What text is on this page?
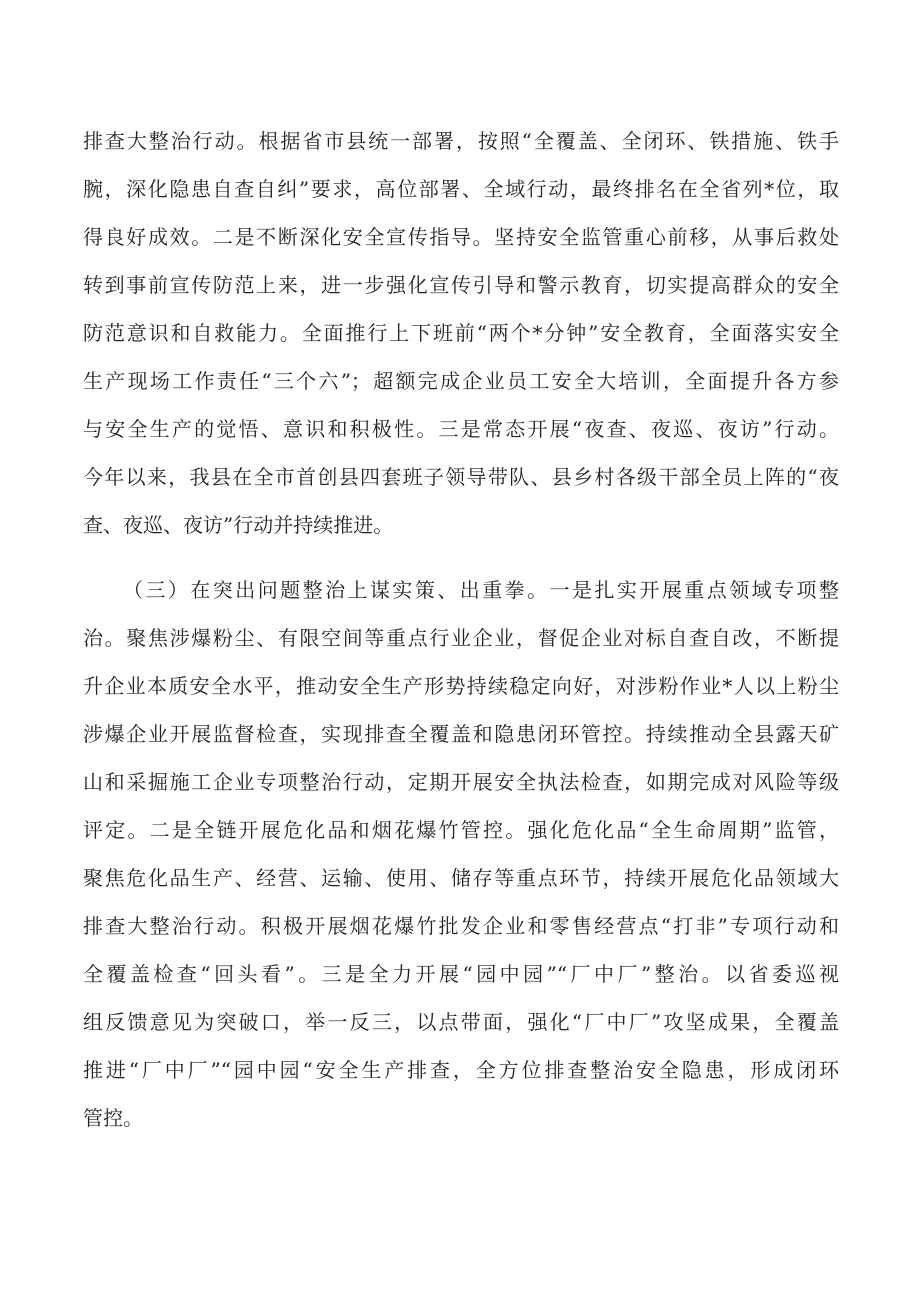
排查大整治行动。根据省市县统一部署，按照“全覆盖、全闭环、铁措施、铁手
腕，深化隐患自查自纠”要求，高位部署、全域行动，最终排名在全省列*位，取
得良好成效。二是不断深化安全宣传指导。坚持安全监管重心前移，从事后救处
转到事前宣传防范上来，进一步强化宣传引导和警示教育，切实提高群众的安全
防范意识和自救能力。全面推行上下班前“两个*分钟”安全教育，全面落实安全
生产现场工作责任“三个六”；超额完成企业员工安全大培训，全面提升各方参
与安全生产的觉悟、意识和积极性。三是常态开展“夜查、夜巡、夜访”行动。
今年以来，我县在全市首创县四套班子领导带队、县乡村各级干部全员上阵的“夜
查、夜巡、夜访”行动并持续推进。
（三）在突出问题整治上谋实策、出重拳。一是扎实开展重点领域专项整
治。聚焦涉爆粉尘、有限空间等重点行业企业，督促企业对标自查自改，不断提
升企业本质安全水平，推动安全生产形势持续稳定向好，对涉粉作业*人以上粉尘
涉爆企业开展监督检查，实现排查全覆盖和隐患闭环管控。持续推动全县露天矿
山和采掘施工企业专项整治行动，定期开展安全执法检查，如期完成对风险等级
评定。二是全链开展危化品和烟花爆竹管控。强化危化品“全生命周期”监管，
聚焦危化品生产、经营、运输、使用、储存等重点环节，持续开展危化品领域大
排查大整治行动。积极开展烟花爆竹批发企业和零售经营点“打非”专项行动和
全覆盖检查“回头看”。三是全力开展“园中园”“厂中厂”整治。以省委巡视
组反馈意见为突破口，举一反三，以点带面，强化“厂中厂”攻坚成果，全覆盖
推进“厂中厂”“园中园“安全生产排查，全方位排查整治安全隐患，形成闭环
管控。
